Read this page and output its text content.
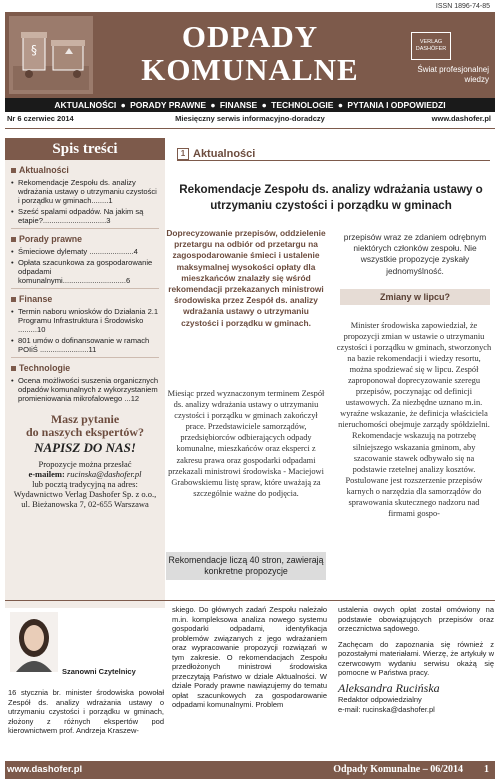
ISSN 1896-74-85
§	ODPADY
KOMUNALNE
VERLAG DASHÖFER
Świat profesjonalnej wiedzy
AKTUALNOŚCI ● PORADY PRAWNE ● FINANSE ● TECHNOLOGIE ● PYTANIA I ODPOWIEDZI
Miesięczny serwis informacyjno-doradczy
Nr 6 czerwiec 2014	www.dashofer.pl
Spis treści
Aktualności
• Rekomendacje Zespołu ds. analizy wdrażania ustawy o utrzymaniu czystości i porządku w gminach........1
• Sześć spalami odpadów. Na jakim są etapie?..............................3
Porady prawne
• Śmieciowe dylematy .....................4
• Opłata szacunkowa za gospodarowanie odpadami komunalnymi..............................6
Finanse
• Termin naboru wniosków do Działania 2.1 Programu Infrastruktura i Środowisko .........10
• 801 umów o dofinansowanie w ramach POIiŚ .......................11
Technologie
• Ocena możliwości suszenia organicznych odpadów komunalnych z wykorzystaniem promieniowania mikrofalowego ...12
Masz pytanie
do naszych ekspertów?
NAPISZ DO NAS!
Propozycje można przesłać
e-mailem: rucinska@dashofer.pl
lub pocztą tradycyjną na adres: Wydawnictwo Verlag Dashofer Sp. z o.o., ul. Bieżanowska 7, 02-655 Warszawa
1 Aktualności
Rekomendacje Zespołu ds. analizy wdrażania ustawy o utrzymaniu czystości i porządku w gminach
Doprecyzowanie przepisów, oddzielenie przetargu na odbiór od przetargu na zagospodarowanie śmieci i ustalenie maksymalnej wysokości opłaty dla mieszkańców znalazły się wśród rekomendacji przekazanych ministrowi środowiska przez Zespół ds. analizy wdrażania ustawy o utrzymaniu czystości i porządku w gminach.
Miesiąc przed wyznaczonym terminem Zespół ds. analizy wdrażania ustawy o utrzymaniu czystości i porządku w gminach zakończył prace. Przedstawiciele samorządów, przedsiębiorców odbierających odpady komunalne, mieszkańców oraz eksperci z zakresu prawa oraz gospodarki odpadami przekazali ministrowi środowiska - Maciejowi Grabowskiemu listę spraw, które uważają za szczególnie ważne do podjęcia.
Rekomendacje liczą 40 stron, zawierają konkretne propozycje
przepisów wraz ze zdaniem odrębnym niektórych członków zespołu. Nie wszystkie propozycje zyskały jednomyślność.
Zmiany w lipcu?
Minister środowiska zapowiedział, że propozycji zmian w ustawie o utrzymaniu czystości i porządku w gminach, stworzonych na bazie rekomendacji i wiedzy resortu, można spodziewać się w lipcu. Zespół zaproponował doprecyzowanie szeregu przepisów, poczynając od definicji ustawowych. Za niezbędne uznano m.in. wyraźne wskazanie, że definicja właściciela nieruchomości obejmuje zarządy spółdzielni. Rekomendacje wskazują na potrzebę silniejszego wskazania gminom, aby szacowanie stawek odbywało się na podstawie rzetelnej analizy kosztów. Postulowane jest rozszerzenie przepisów karnych o narzędzia dla samorządów do sprawowania skutecznego nadzoru nad firmami gospo-
Szanowni Czytelnicy
16 stycznia br. minister środowiska powołał Zespół ds. analizy wdrażania ustawy o utrzymaniu czystości i porządku w gminach, złożony z różnych ekspertów pod kierownictwem prof. Andrzeja Kraszew-
skiego. Do głównych zadań Zespołu należało m.in. kompleksowa analiza nowego systemu gospodarki odpadami, identyfikacja problemów związanych z jego wdrażaniem oraz wypracowanie propozycji rozwiązań w tym zakresie. O rekomendacjach Zespołu przedłożonych ministrowi środowiska przeczytają Państwo w dziale Aktualności. W dziale Porady prawne nawiązujemy do tematu opłat szacunkowych za gospodarowanie odpadami komunalnymi. Problem

ustalenia owych opłat został omówiony na podstawie obowiązujących przepisów oraz orzecznictwa sądowego.

Zachęcam do zapoznania się również z pozostałymi materiałami. Wierzę, że artykuły w czerwcowym wydaniu serwisu okażą się pomocne w Państwa pracy.

Aleksandra Rucińska
Redaktor odpowiedzialny
e-mail: rucinska@dashofer.pl
www.dashofer.pl	Odpady Komunalne – 06/2014 1
